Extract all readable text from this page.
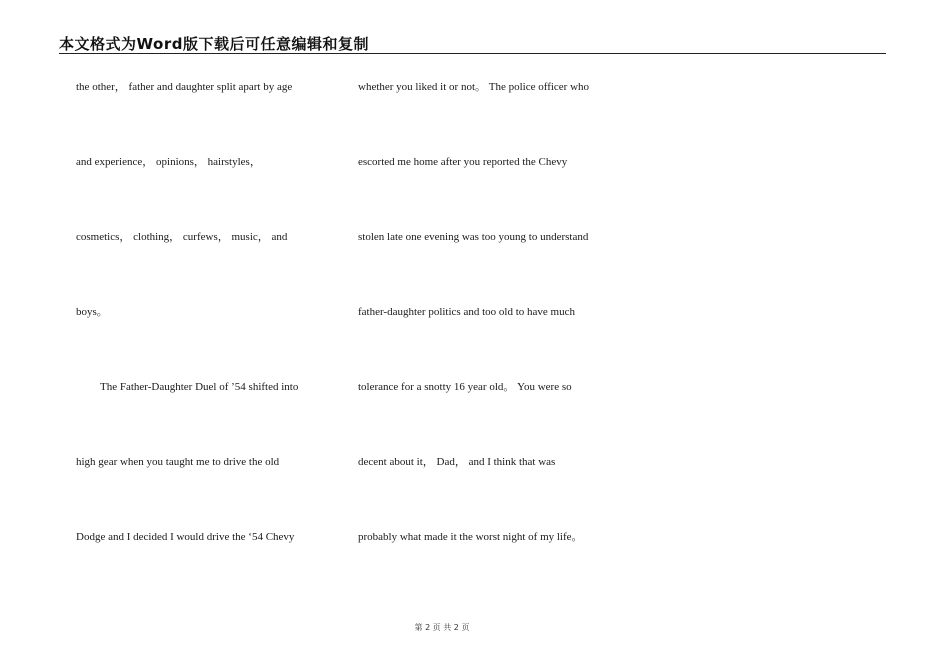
本文格式为Word版下载后可任意编辑和复制
the other， father and daughter split apart by age
and experience， opinions， hairstyles，
cosmetics， clothing， curfews， music， and
boys。
The Father-Daughter Duel of ’54 shifted into
high gear when you taught me to drive the old
Dodge and I decided I would drive the ‘54 Chevy
whether you liked it or not。 The police officer who
escorted me home after you reported the Chevy
stolen late one evening was too young to understand
father-daughter politics and too old to have much
tolerance for a snotty 16 year old。 You were so
decent about it， Dad， and I think that was
probably what made it the worst night of my life。
第 2 页 共 2 页
